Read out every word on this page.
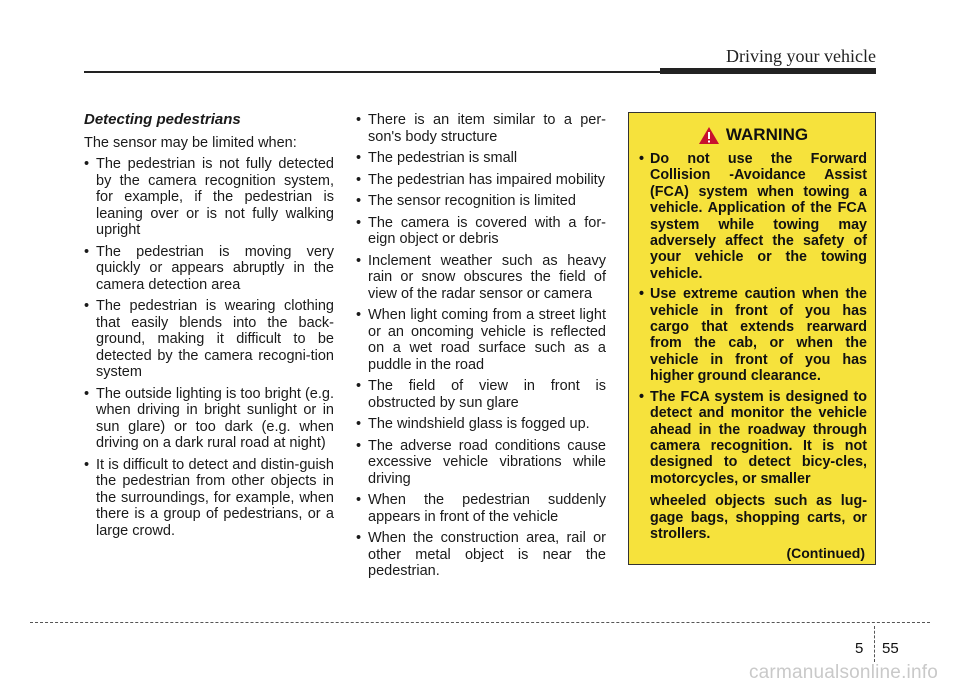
Driving your vehicle
Detecting pedestrians
The sensor may be limited when:
• The pedestrian is not fully detected by the camera recognition system, for example, if the pedestrian is leaning over or is not fully walking upright
• The pedestrian is moving very quickly or appears abruptly in the camera detection area
• The pedestrian is wearing clothing that easily blends into the back-ground, making it difficult to be detected by the camera recogni-tion system
• The outside lighting is too bright (e.g. when driving in bright sunlight or in sun glare) or too dark (e.g. when driving on a dark rural road at night)
• It is difficult to detect and distin-guish the pedestrian from other objects in the surroundings, for example, when there is a group of pedestrians, or a large crowd.
• There is an item similar to a per-son's body structure
• The pedestrian is small
• The pedestrian has impaired mobility
• The sensor recognition is limited
• The camera is covered with a for-eign object or debris
• Inclement weather such as heavy rain or snow obscures the field of view of the radar sensor or camera
• When light coming from a street light or an oncoming vehicle is reflected on a wet road surface such as a puddle in the road
• The field of view in front is obstructed by sun glare
• The windshield glass is fogged up.
• The adverse road conditions cause excessive vehicle vibrations while driving
• When the pedestrian suddenly appears in front of the vehicle
• When the construction area, rail or other metal object is near the pedestrian.
WARNING
• Do not use the Forward Collision -Avoidance Assist (FCA) system when towing a vehicle. Application of the FCA system while towing may adversely affect the safety of your vehicle or the towing vehicle.
• Use extreme caution when the vehicle in front of you has cargo that extends rearward from the cab, or when the vehicle in front of you has higher ground clearance.
• The FCA system is designed to detect and monitor the vehicle ahead in the roadway through camera recognition. It is not designed to detect bicy-cles, motorcycles, or smaller
wheeled objects such as lug-gage bags, shopping carts, or strollers.
(Continued)
5 55
carmanualsonline.info
